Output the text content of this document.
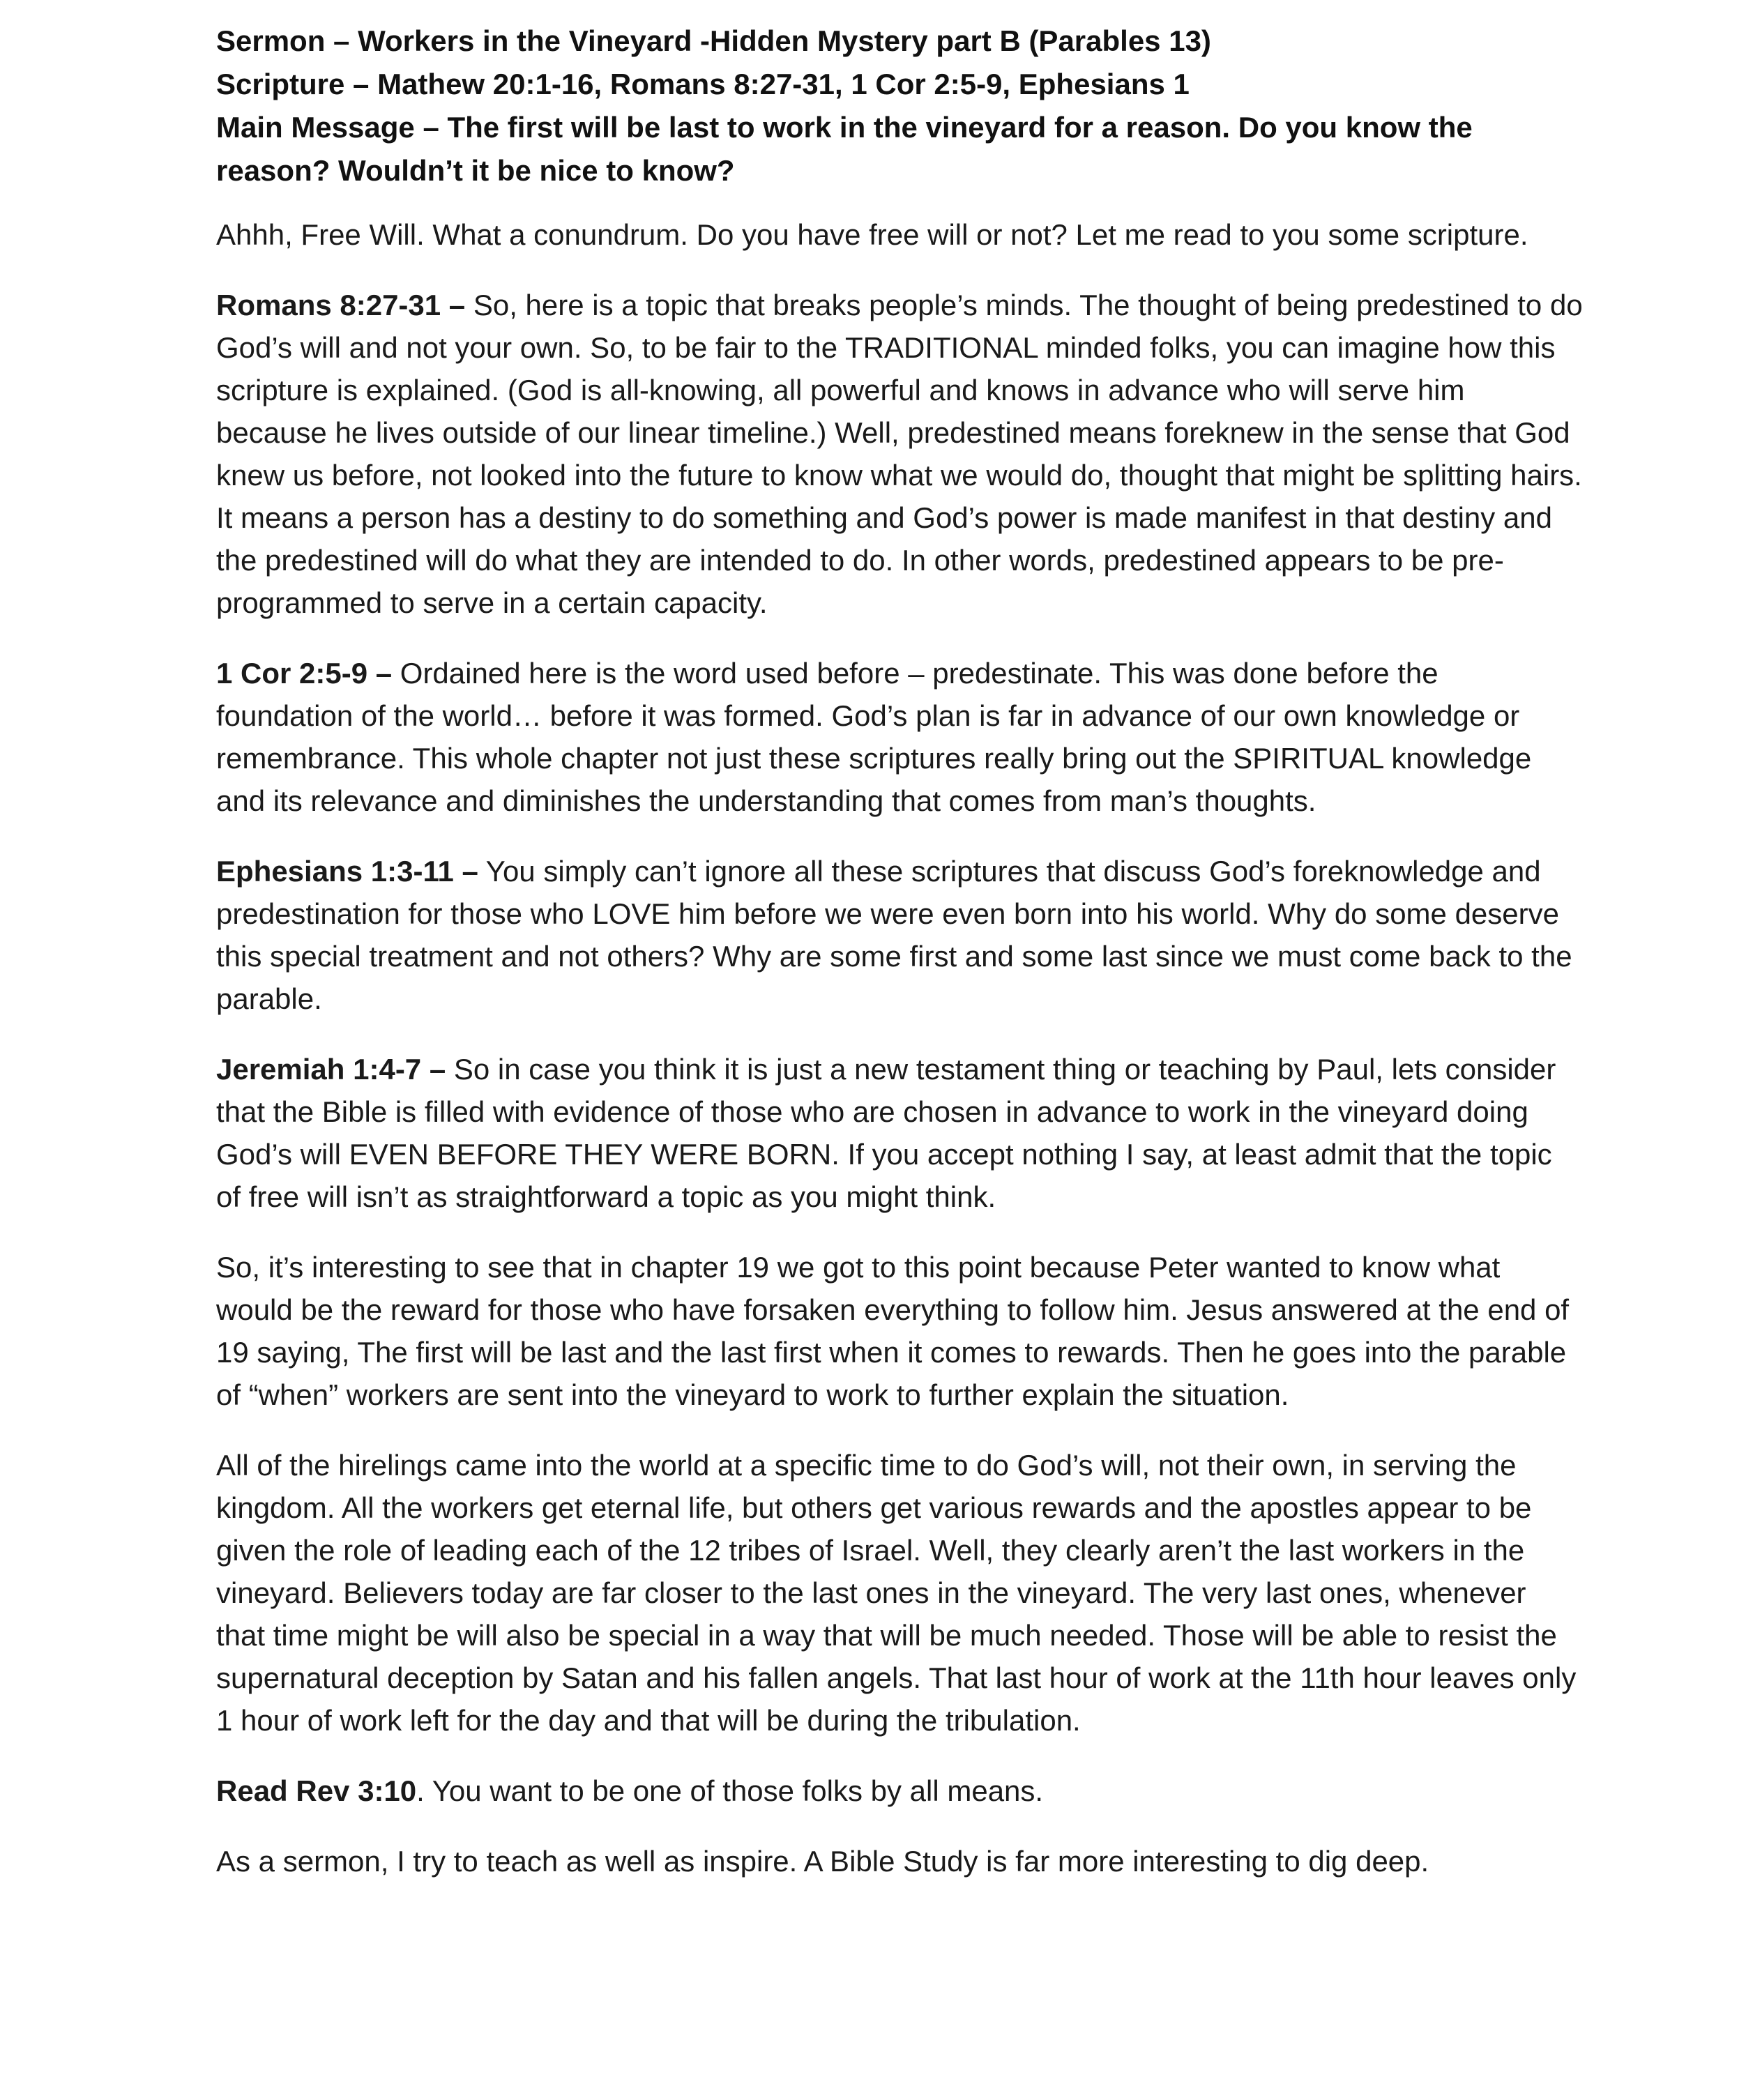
Sermon – Workers in the Vineyard -Hidden Mystery part B (Parables 13)

Scripture – Mathew 20:1-16, Romans 8:27-31, 1 Cor 2:5-9, Ephesians 1

Main Message – The first will be last to work in the vineyard for a reason. Do you know the reason? Wouldn’t it be nice to know?

Ahhh, Free Will. What a conundrum. Do you have free will or not? Let me read to you some scripture.

Romans 8:27-31 – So, here is a topic that breaks people’s minds. The thought of being predestined to do God’s will and not your own. So, to be fair to the TRADITIONAL minded folks, you can imagine how this scripture is explained. (God is all-knowing, all powerful and knows in advance who will serve him because he lives outside of our linear timeline.) Well, predestined means foreknew in the sense that God knew us before, not looked into the future to know what we would do, thought that might be splitting hairs. It means a person has a destiny to do something and God’s power is made manifest in that destiny and the predestined will do what they are intended to do. In other words, predestined appears to be pre-programmed to serve in a certain capacity.

1 Cor 2:5-9 – Ordained here is the word used before – predestinate. This was done before the foundation of the world… before it was formed. God’s plan is far in advance of our own knowledge or remembrance. This whole chapter not just these scriptures really bring out the SPIRITUAL knowledge and its relevance and diminishes the understanding that comes from man’s thoughts.

Ephesians 1:3-11 – You simply can’t ignore all these scriptures that discuss God’s foreknowledge and predestination for those who LOVE him before we were even born into his world. Why do some deserve this special treatment and not others? Why are some first and some last since we must come back to the parable.

Jeremiah 1:4-7 – So in case you think it is just a new testament thing or teaching by Paul, lets consider that the Bible is filled with evidence of those who are chosen in advance to work in the vineyard doing God’s will EVEN BEFORE THEY WERE BORN. If you accept nothing I say, at least admit that the topic of free will isn’t as straightforward a topic as you might think.

So, it’s interesting to see that in chapter 19 we got to this point because Peter wanted to know what would be the reward for those who have forsaken everything to follow him. Jesus answered at the end of 19 saying, The first will be last and the last first when it comes to rewards. Then he goes into the parable of “when” workers are sent into the vineyard to work to further explain the situation.

All of the hirelings came into the world at a specific time to do God’s will, not their own, in serving the kingdom. All the workers get eternal life, but others get various rewards and the apostles appear to be given the role of leading each of the 12 tribes of Israel. Well, they clearly aren’t the last workers in the vineyard. Believers today are far closer to the last ones in the vineyard. The very last ones, whenever that time might be will also be special in a way that will be much needed. Those will be able to resist the supernatural deception by Satan and his fallen angels. That last hour of work at the 11th hour leaves only 1 hour of work left for the day and that will be during the tribulation.

Read Rev 3:10. You want to be one of those folks by all means.

As a sermon, I try to teach as well as inspire. A Bible Study is far more interesting to dig deep.
